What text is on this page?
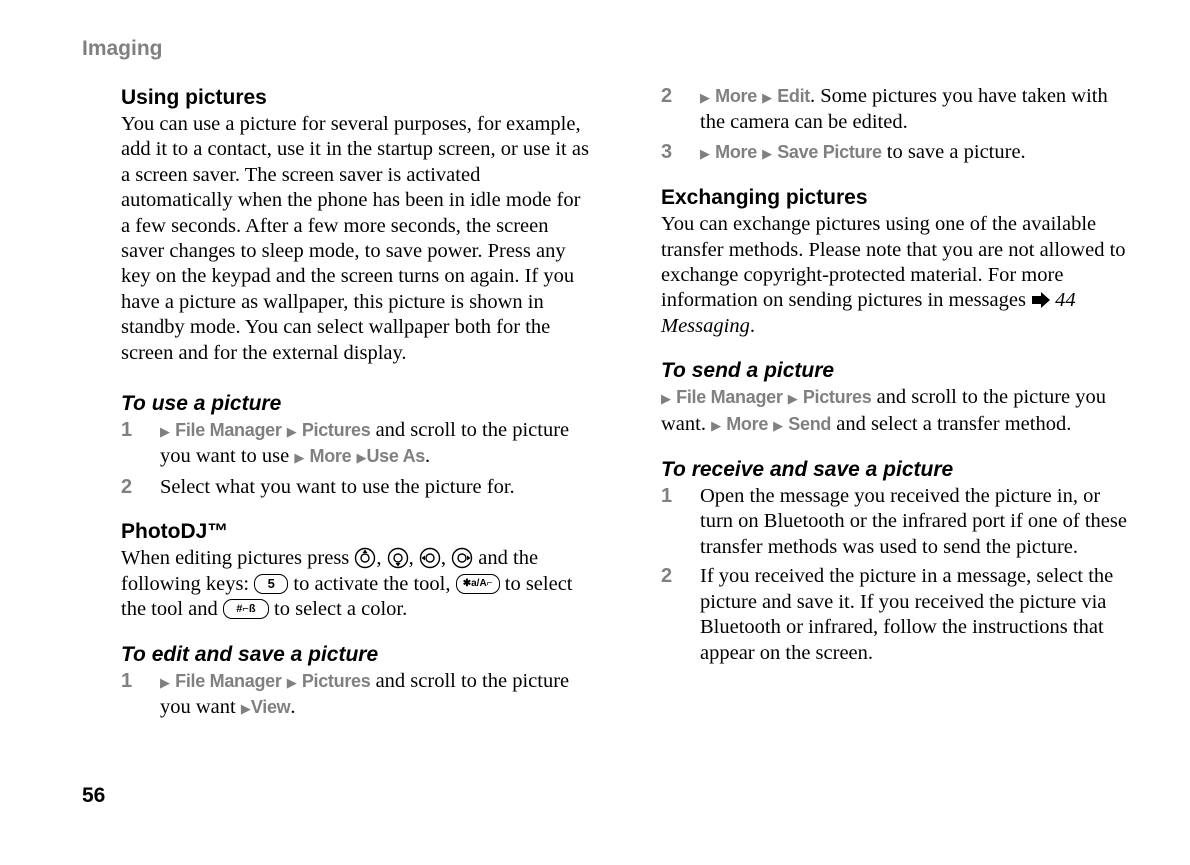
Imaging
Using pictures

You can use a picture for several purposes, for example, add it to a contact, use it in the startup screen, or use it as a screen saver. The screen saver is activated automatically when the phone has been in idle mode for a few seconds. After a few more seconds, the screen saver changes to sleep mode, to save power. Press any key on the keypad and the screen turns on again. If you have a picture as wallpaper, this picture is shown in standby mode. You can select wallpaper both for the screen and for the external display.

To use a picture
1	▶ File Manager ▶ Pictures and scroll to the picture you want to use ▶ More ▶Use As.
2	Select what you want to use the picture for.
PhotoDJ™

When editing pictures press , , , and the following keys: 5 to activate the tool, ✱a/A⌐ to select the tool and #⌐ß to select a color.

To edit and save a picture
1	▶ File Manager ▶ Pictures and scroll to the picture you want ▶View.
2	▶ More ▶ Edit. Some pictures you have taken with the camera can be edited.
3	▶ More ▶ Save Picture to save a picture.
Exchanging pictures

You can exchange pictures using one of the available transfer methods. Please note that you are not allowed to exchange copyright-protected material. For more information on sending pictures in messages 44 Messaging.

To send a picture

▶ File Manager ▶ Pictures and scroll to the picture you want. ▶ More ▶ Send and select a transfer method.

To receive and save a picture
1	Open the message you received the picture in, or turn on Bluetooth or the infrared port if one of these transfer methods was used to send the picture.
2	If you received the picture in a message, select the picture and save it. If you received the picture via Bluetooth or infrared, follow the instructions that appear on the screen.
56
